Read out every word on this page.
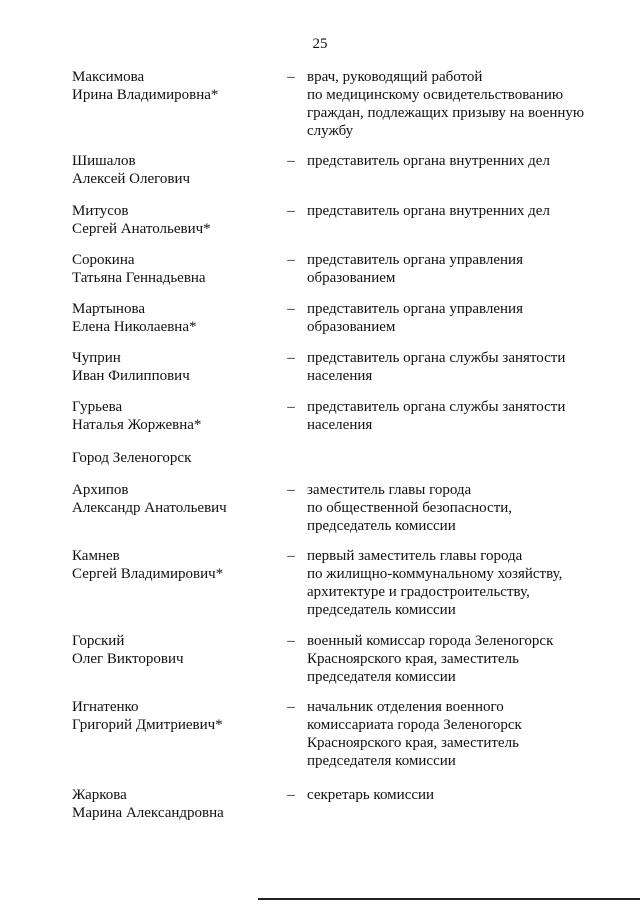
25
Максимова
Ирина Владимировна*
– врач, руководящий работой
по медицинскому освидетельствованию
граждан, подлежащих призыву на военную
службу
Шишалов
Алексей Олегович
– представитель органа внутренних дел
Митусов
Сергей Анатольевич*
– представитель органа внутренних дел
Сорокина
Татьяна Геннадьевна
– представитель органа управления
образованием
Мартынова
Елена Николаевна*
– представитель органа управления
образованием
Чуприн
Иван Филиппович
– представитель органа службы занятости
населения
Гурьева
Наталья Жоржевна*
– представитель органа службы занятости
населения
Город Зеленогорск
Архипов
Александр Анатольевич
– заместитель главы города
по общественной безопасности,
председатель комиссии
Камнев
Сергей Владимирович*
– первый заместитель главы города
по жилищно-коммунальному хозяйству,
архитектуре и градостроительству,
председатель комиссии
Горский
Олег Викторович
– военный комиссар города Зеленогорск
Красноярского края, заместитель
председателя комиссии
Игнатенко
Григорий Дмитриевич*
– начальник отделения военного
комиссариата города Зеленогорск
Красноярского края, заместитель
председателя комиссии
Жаркова
Марина Александровна
– секретарь комиссии
